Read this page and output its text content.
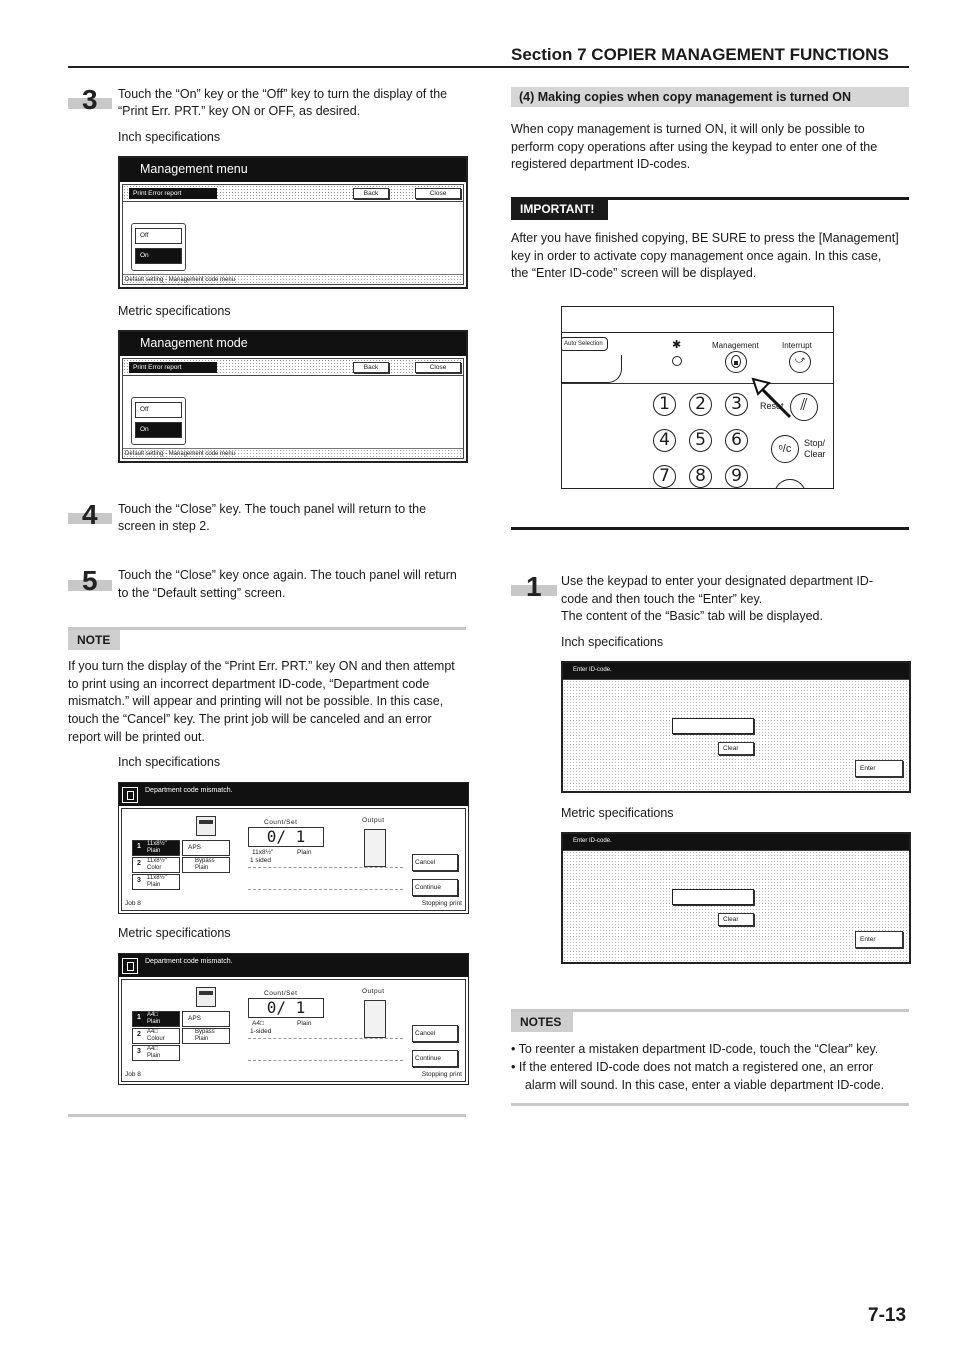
Section 7 COPIER MANAGEMENT FUNCTIONS
3 Touch the “On” key or the “Off” key to turn the display of the
“Print Err. PRT.” key ON or OFF, as desired.
Inch specifications
Management menu
Print Error report	Back	Close
Off
On
Default setting - Management code menu
Metric specifications
Management mode
Print Error report	Back	Close
Off
On
Default setting - Management code menu
4 Touch the “Close” key. The touch panel will return to the
screen in step 2.
5 Touch the “Close” key once again. The touch panel will return
to the “Default setting” screen.
NOTE
If you turn the display of the “Print Err. PRT.” key ON and then attempt
to print using an incorrect department ID-code, “Department code
mismatch.” will appear and printing will not be possible. In this case,
touch the “Cancel” key. The print job will be canceled and an error
report will be printed out.
Inch specifications
Department code mismatch.
1 11x8½"
Plain
2 11x8½"
Color
3 11x8½"
Plain
APS
Bypass
Plain
Count/Set
0/ 1
11x8½"	Plain
1 sided
Output
Cancel
Continue
Job 8	Stopping print
Metric specifications
Department code mismatch.
1 A4□
Plain
2 A4□
Colour
3 A4□
Plain
APS
Bypass
Plain
Count/Set
0/ 1
A4□	Plain
1-sided
Output
Cancel
Continue
Job 8	Stopping print
(4) Making copies when copy management is turned ON
When copy management is turned ON, it will only be possible to
perform copy operations after using the keypad to enter one of the
registered department ID-codes.
IMPORTANT!
After you have finished copying, BE SURE to press the [Management]
key in order to activate copy management once again. In this case,
the “Enter ID-code” screen will be displayed.
Auto Selection	✱	Management	Interrupt
⤻
1	2	3
4	5	6
7	8	9
Reset	⫽
ᵒ/c	Stop/
Clear
1 Use the keypad to enter your designated department ID-
code and then touch the “Enter” key.
The content of the “Basic” tab will be displayed.
Inch specifications
Enter ID-code.
Clear
Enter
Metric specifications
Enter ID-code.
Clear
Enter
NOTES
• To reenter a mistaken department ID-code, touch the “Clear” key.
• If the entered ID-code does not match a registered one, an error
alarm will sound. In this case, enter a viable department ID-code.
7-13
